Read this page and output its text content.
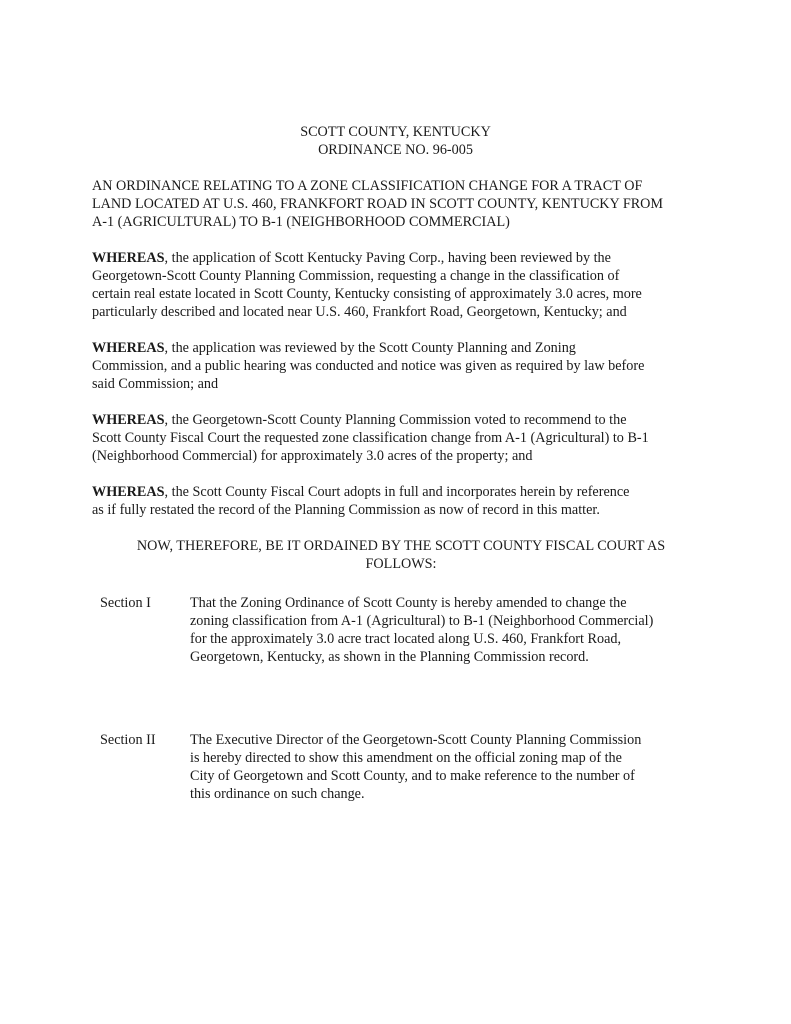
SCOTT COUNTY, KENTUCKY
ORDINANCE NO. 96-005
AN ORDINANCE RELATING TO A ZONE CLASSIFICATION CHANGE FOR A TRACT OF
LAND LOCATED AT U.S. 460, FRANKFORT ROAD IN SCOTT COUNTY, KENTUCKY FROM
A-1 (AGRICULTURAL) TO B-1 (NEIGHBORHOOD COMMERCIAL)
WHEREAS, the application of Scott Kentucky Paving Corp., having been reviewed by the
Georgetown-Scott County Planning Commission, requesting a change in the classification of
certain real estate located in Scott County, Kentucky consisting of approximately 3.0 acres, more
particularly described and located near U.S. 460, Frankfort Road, Georgetown, Kentucky; and
WHEREAS, the application was reviewed by the Scott County Planning and Zoning
Commission, and a public hearing was conducted and notice was given as required by law before
said Commission; and
WHEREAS, the Georgetown-Scott County Planning Commission voted to recommend to the
Scott County Fiscal Court the requested zone classification change from A-1 (Agricultural) to B-1
(Neighborhood Commercial) for approximately 3.0 acres of the property; and
WHEREAS, the Scott County Fiscal Court adopts in full and incorporates herein by reference
as if fully restated the record of the Planning Commission as now of record in this matter.
NOW, THEREFORE, BE IT ORDAINED BY THE SCOTT COUNTY FISCAL COURT AS
FOLLOWS:
Section I	That the Zoning Ordinance of Scott County is hereby amended to change the
zoning classification from A-1 (Agricultural) to B-1 (Neighborhood Commercial)
for the approximately 3.0 acre tract located along U.S. 460, Frankfort Road,
Georgetown, Kentucky, as shown in the Planning Commission record.
Section II	The Executive Director of the Georgetown-Scott County Planning Commission
is hereby directed to show this amendment on the official zoning map of the
City of Georgetown and Scott County, and to make reference to the number of
this ordinance on such change.
